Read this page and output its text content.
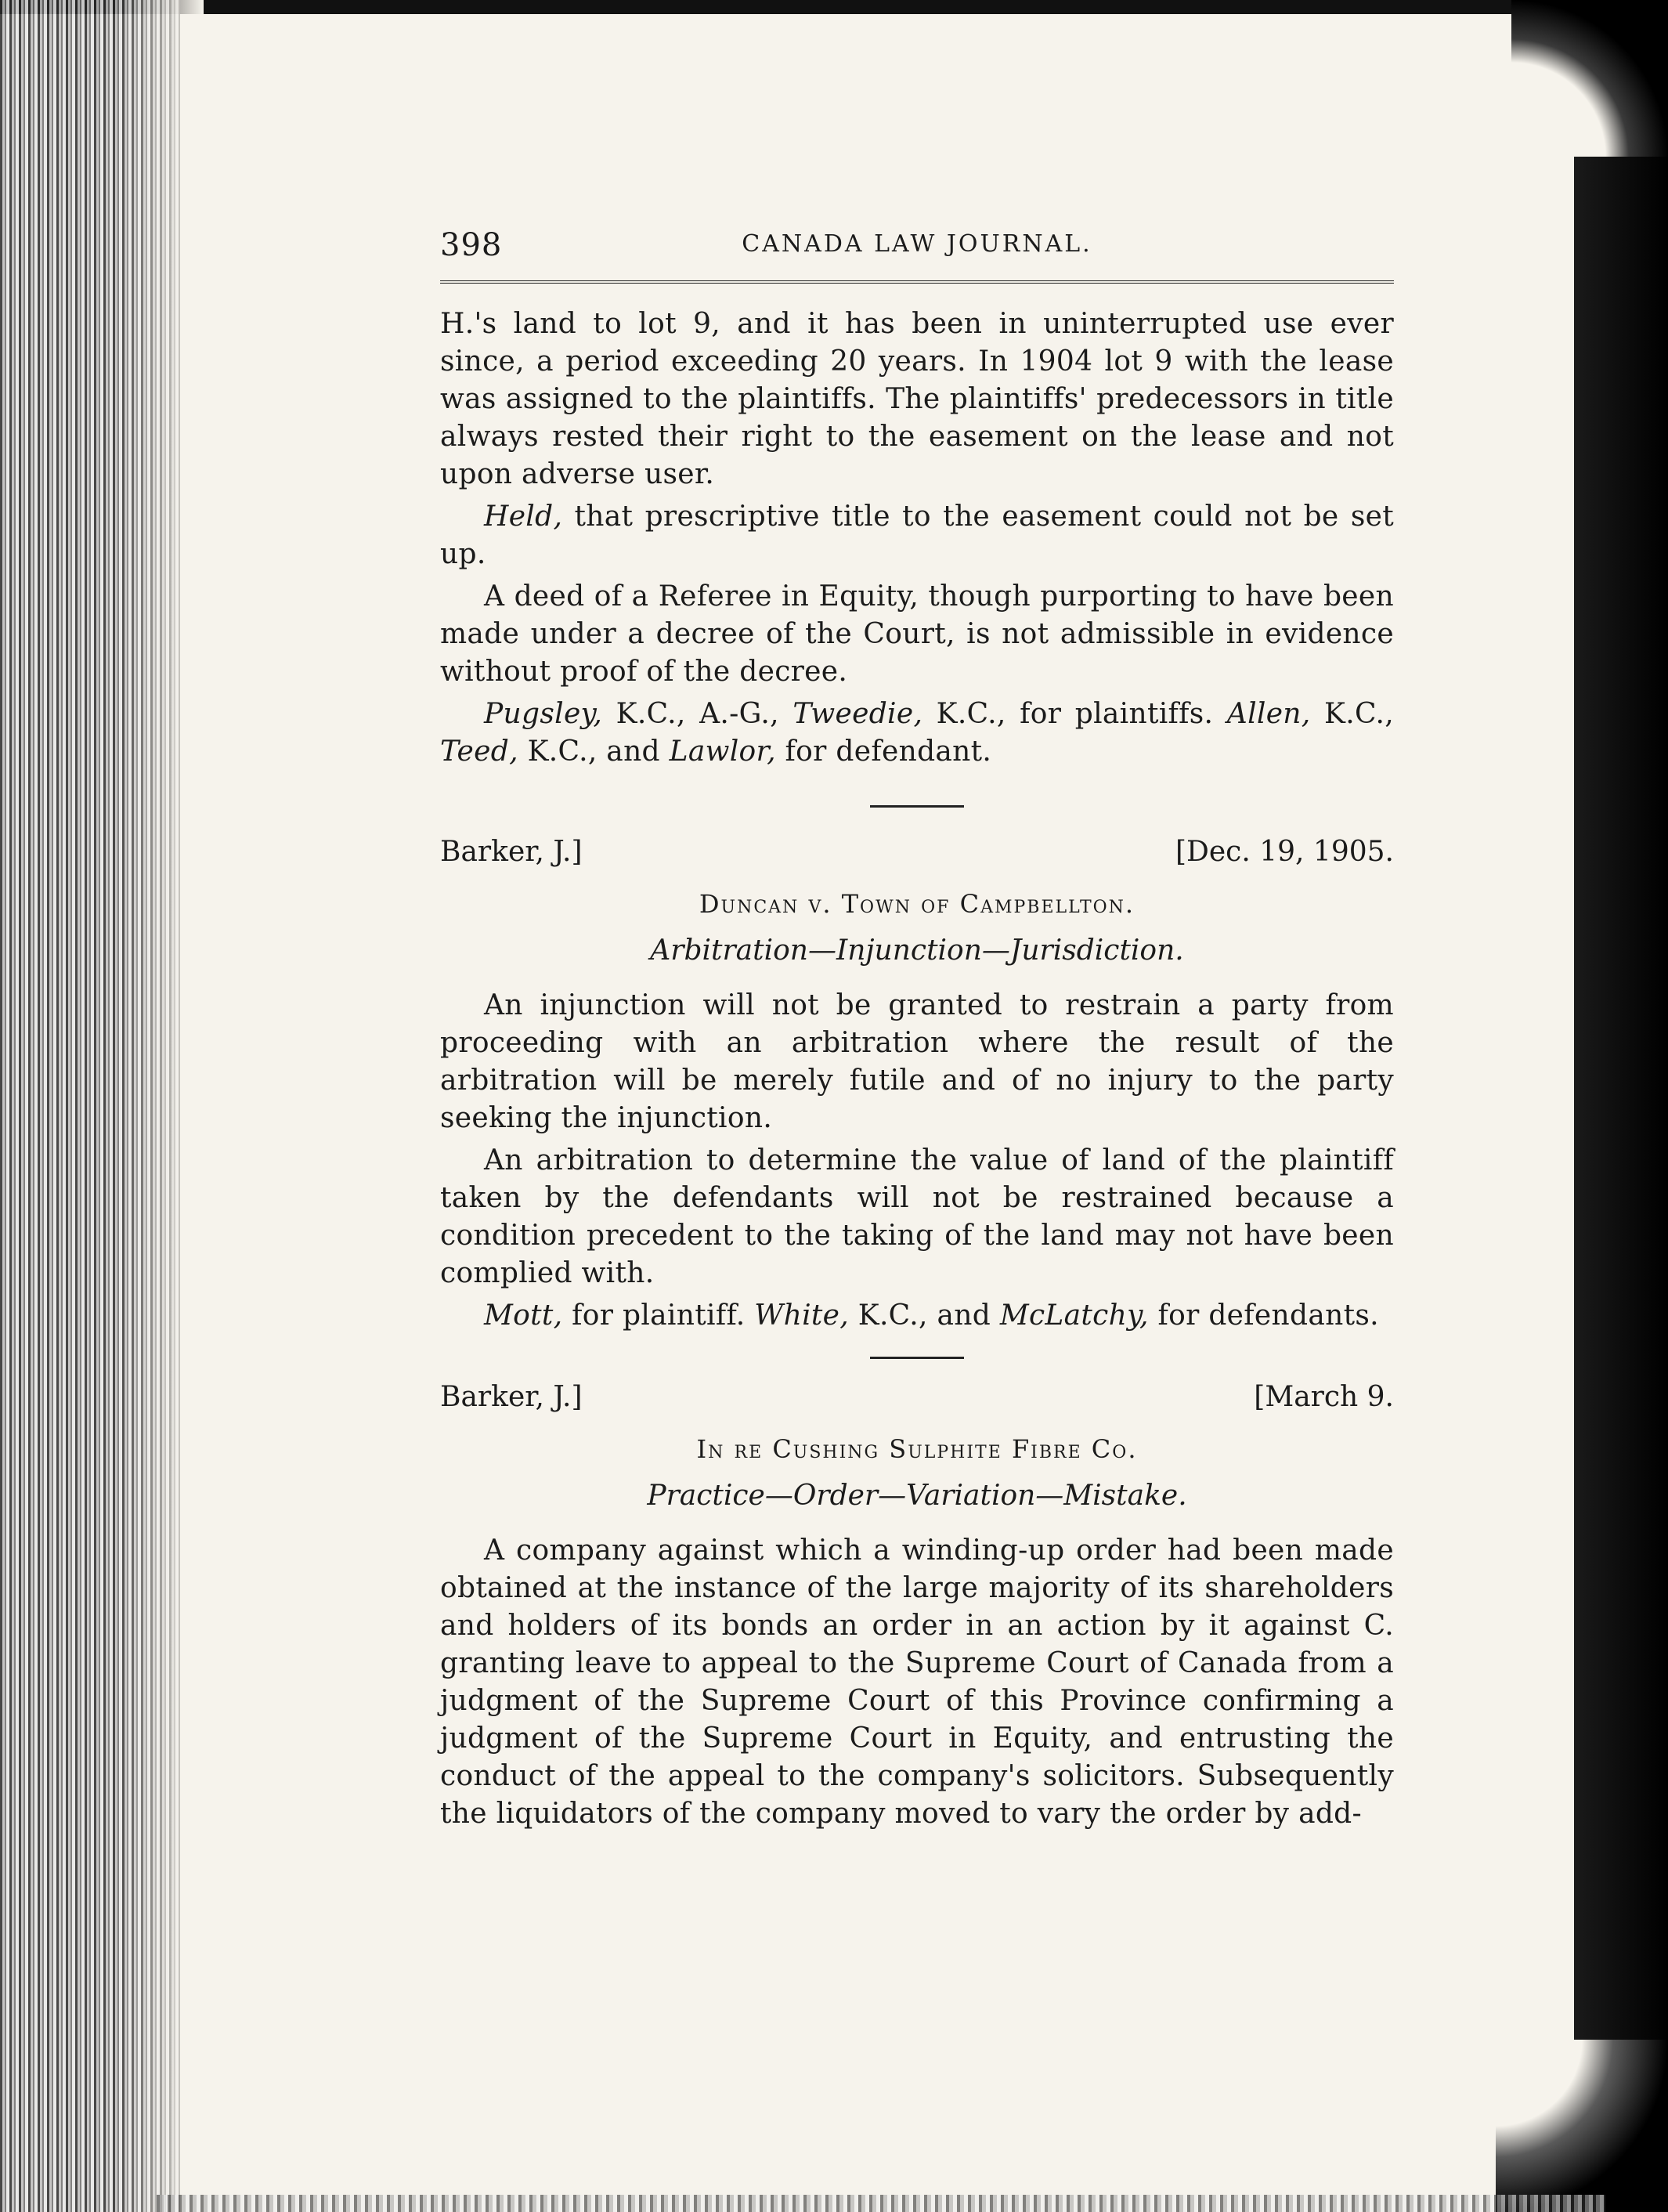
398	CANADA LAW JOURNAL.

H.'s land to lot 9, and it has been in uninterrupted use ever since, a period exceeding 20 years. In 1904 lot 9 with the lease was assigned to the plaintiffs. The plaintiffs' predecessors in title always rested their right to the easement on the lease and not upon adverse user.

Held, that prescriptive title to the easement could not be set up.

A deed of a Referee in Equity, though purporting to have been made under a decree of the Court, is not admissible in evidence without proof of the decree.

Pugsley, K.C., A.-G., Tweedie, K.C., for plaintiffs. Allen, K.C., Teed, K.C., and Lawlor, for defendant.

Barker, J.]	[Dec. 19, 1905.
Duncan v. Town of Campbellton.
Arbitration—Injunction—Jurisdiction.

An injunction will not be granted to restrain a party from proceeding with an arbitration where the result of the arbitration will be merely futile and of no injury to the party seeking the injunction.

An arbitration to determine the value of land of the plaintiff taken by the defendants will not be restrained because a condition precedent to the taking of the land may not have been complied with.

Mott, for plaintiff. White, K.C., and McLatchy, for defendants.

Barker, J.]	[March 9.
In re Cushing Sulphite Fibre Co.
Practice—Order—Variation—Mistake.

A company against which a winding-up order had been made obtained at the instance of the large majority of its shareholders and holders of its bonds an order in an action by it against C. granting leave to appeal to the Supreme Court of Canada from a judgment of the Supreme Court of this Province confirming a judgment of the Supreme Court in Equity, and entrusting the conduct of the appeal to the company's solicitors. Subsequently the liquidators of the company moved to vary the order by add-
